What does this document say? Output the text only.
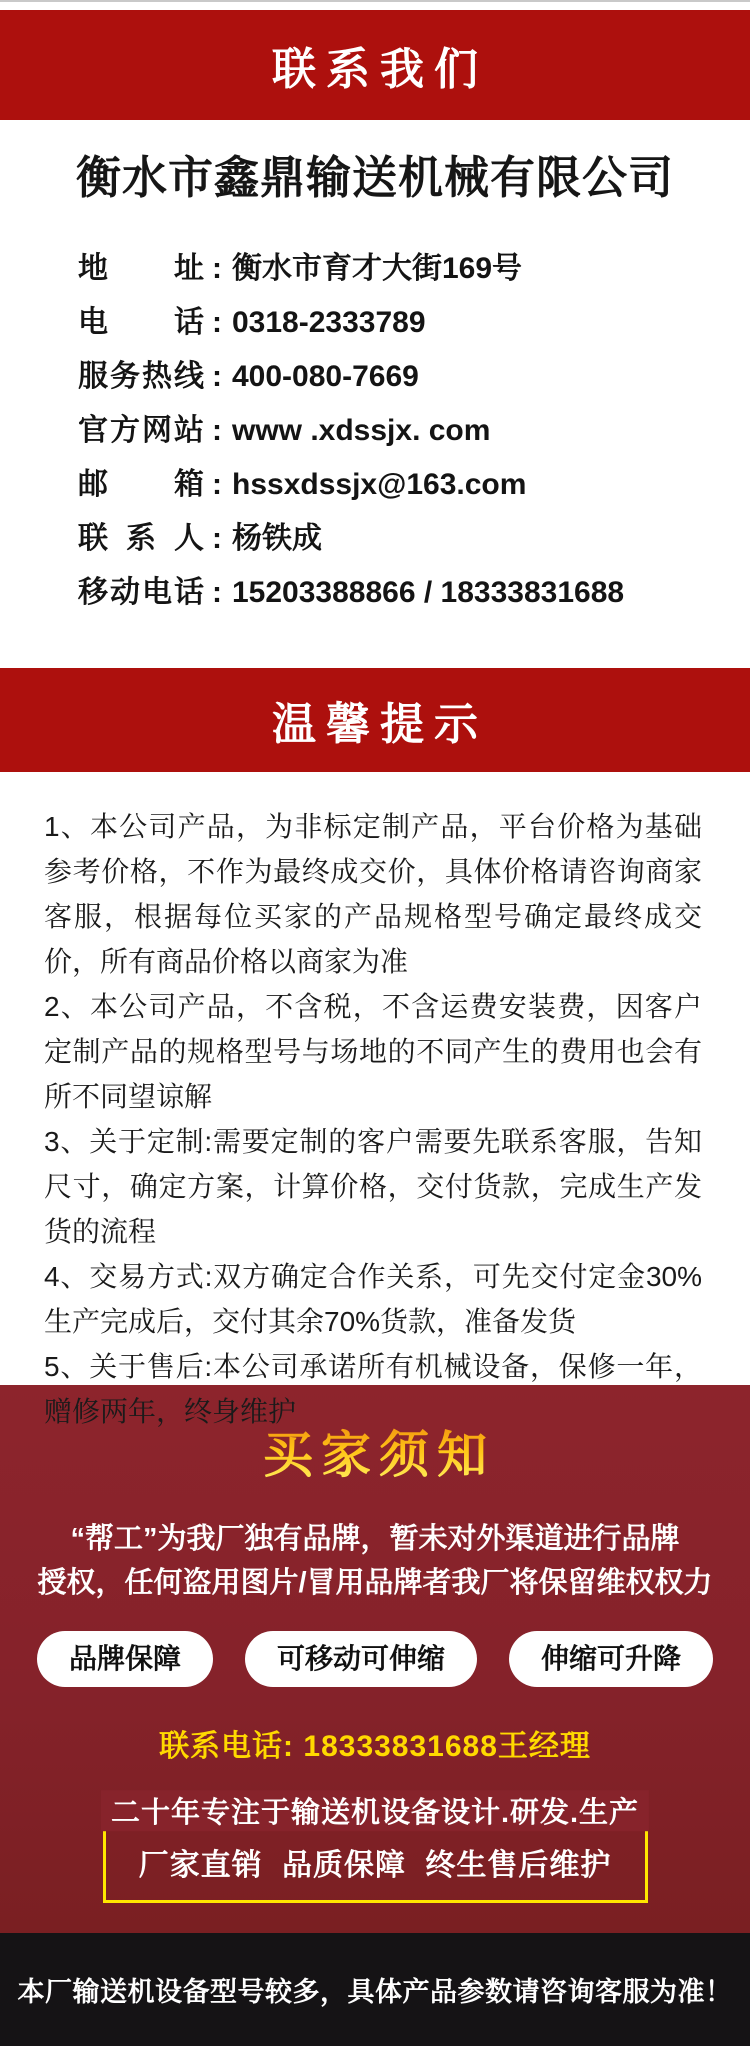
联系我们
衡水市鑫鼎输送机械有限公司
地址 : 衡水市育才大街169号
电话 : 0318-2333789
服务热线 : 400-080-7669
官方网站 : www .xdssjx. com
邮箱 : hssxdssjx@163.com
联系人 : 杨铁成
移动电话 : 15203388866 / 18333831688
温馨提示

1、本公司产品，为非标定制产品，平台价格为基础参考价格，不作为最终成交价，具体价格请咨询商家客服，根据每位买家的产品规格型号确定最终成交价，所有商品价格以商家为准

2、本公司产品，不含税，不含运费安装费，因客户定制产品的规格型号与场地的不同产生的费用也会有所不同望谅解

3、关于定制:需要定制的客户需要先联系客服，告知尺寸，确定方案，计算价格，交付货款，完成生产发货的流程

4、交易方式:双方确定合作关系，可先交付定金30%生产完成后，交付其余70%货款，准备发货

5、关于售后:本公司承诺所有机械设备，保修一年，赠修两年，终身维护

买家须知
“帮工”为我厂独有品牌，暂未对外渠道进行品牌
授权，任何盗用图片/冒用品牌者我厂将保留维权权力
品牌保障	可移动可伸缩	伸缩可升降
联系电话: 18333831688王经理
二十年专注于输送机设备设计.研发.生产
厂家直销 品质保障 终生售后维护
本厂输送机设备型号较多，具体产品参数请咨询客服为准！
